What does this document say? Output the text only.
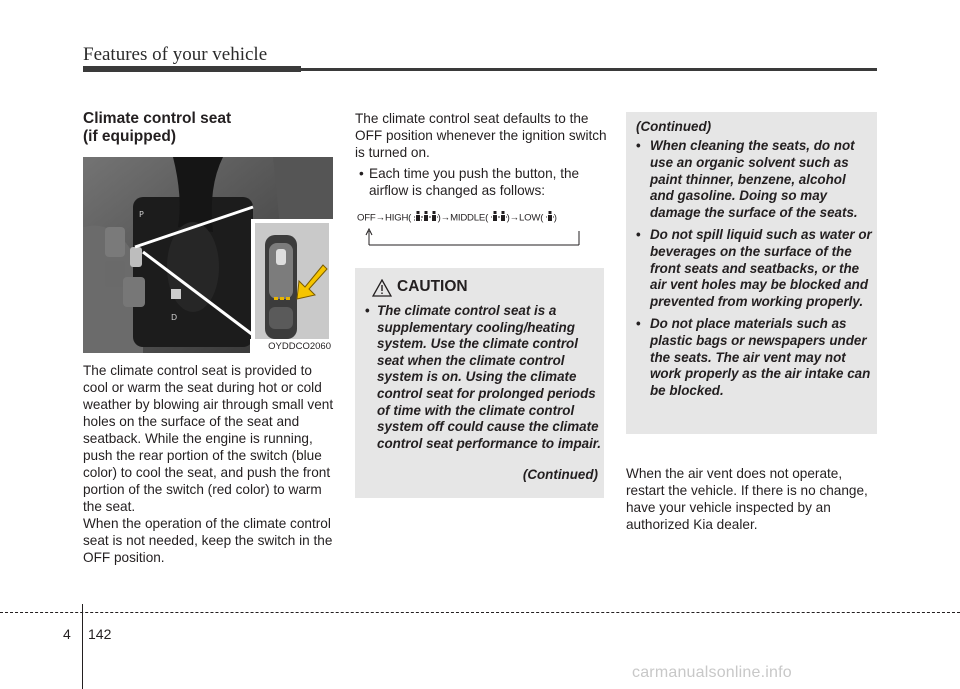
Features of your vehicle

Climate control seat

(if equipped)

D
P
OYDDCO2060

The climate control seat is provided to cool or warm the seat during hot or cold weather by blowing air through small vent holes on the surface of the seat and seatback. While the engine is running, push the rear portion of the switch (blue color) to cool the seat, and push the front portion of the switch (red color) to warm the seat.

When the operation of the climate control seat is not needed, keep the switch in the OFF position.

The climate control seat defaults to the OFF position whenever the ignition switch is turned on.

• Each time you push the button, the airflow is changed as follows:
OFF→HIGH(	)→MIDDLE( )→LOW( )
CAUTION
• The climate control seat is a supplementary cooling/heating system. Use the climate control seat when the climate control system is on. Using the climate control seat for prolonged periods of time with the climate control system off could cause the climate control seat performance to impair.
(Continued)
(Continued)
• When cleaning the seats, do not use an organic solvent such as paint thinner, benzene, alcohol and gasoline. Doing so may damage the surface of the seats.
• Do not spill liquid such as water or beverages on the surface of the front seats and seatbacks, or the air vent holes may be blocked and prevented from working properly.
• Do not place materials such as plastic bags or newspapers under the seats. The air vent may not work properly as the air intake can be blocked.

When the air vent does not operate, restart the vehicle. If there is no change, have your vehicle inspected by an authorized Kia dealer.

4 142
carmanualsonline.info
